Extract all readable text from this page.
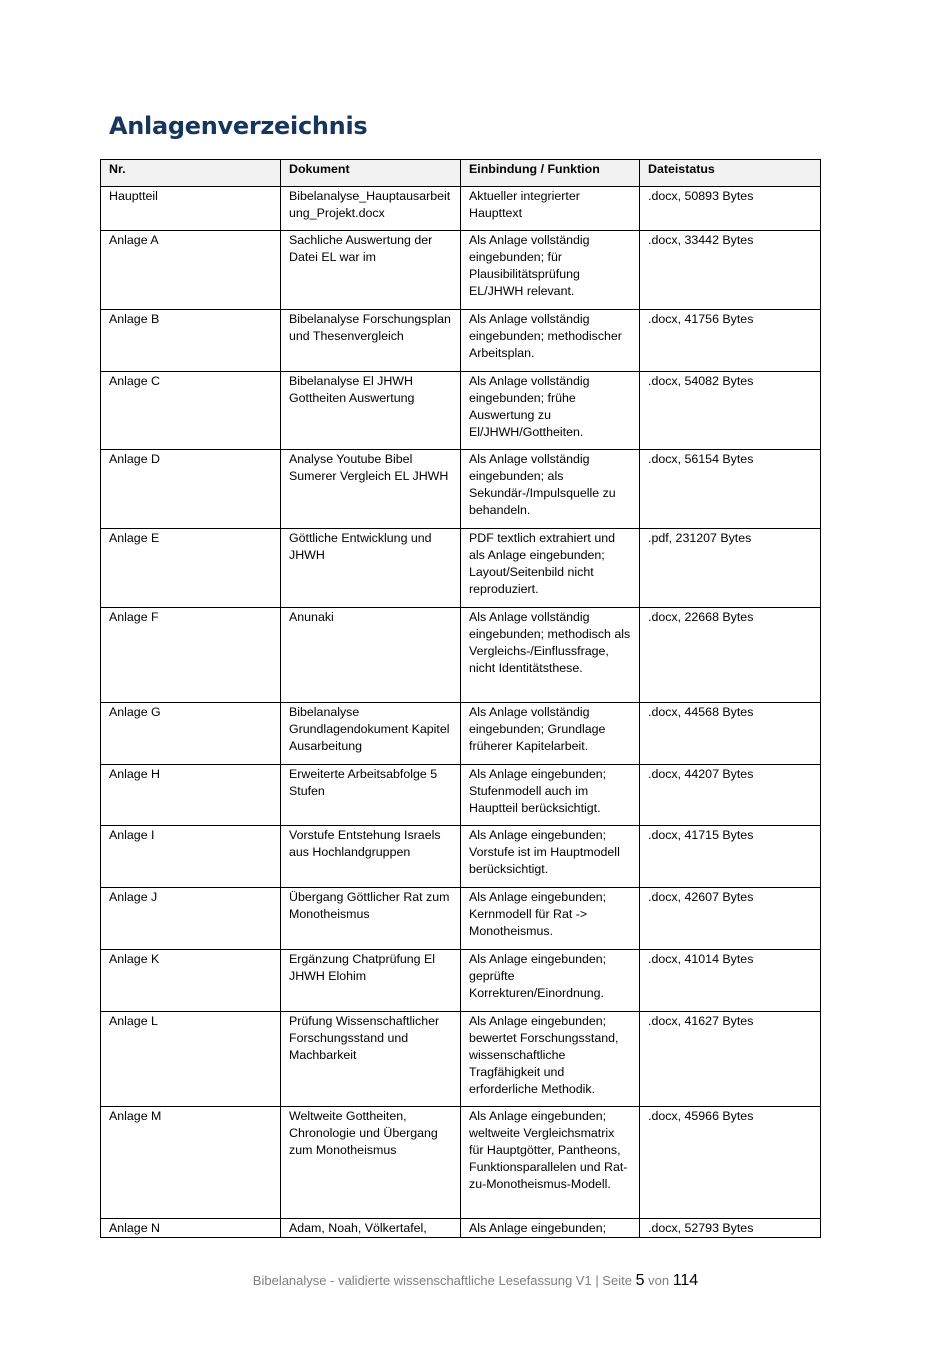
Anlagenverzeichnis
Nr.	Dokument	Einbindung / Funktion	Dateistatus
Hauptteil	Bibelanalyse_Hauptausarbeitung_Projekt.docx	Aktueller integrierter Haupttext	.docx, 50893 Bytes
Anlage A	Sachliche Auswertung der Datei EL war im	Als Anlage vollständig eingebunden; für Plausibilitätsprüfung EL/JHWH relevant.	.docx, 33442 Bytes
Anlage B	Bibelanalyse Forschungsplan und Thesenvergleich	Als Anlage vollständig eingebunden; methodischer Arbeitsplan.	.docx, 41756 Bytes
Anlage C	Bibelanalyse El JHWH Gottheiten Auswertung	Als Anlage vollständig eingebunden; frühe Auswertung zu El/JHWH/Gottheiten.	.docx, 54082 Bytes
Anlage D	Analyse Youtube Bibel Sumerer Vergleich EL JHWH	Als Anlage vollständig eingebunden; als Sekundär-/Impulsquelle zu behandeln.	.docx, 56154 Bytes
Anlage E	Göttliche Entwicklung und JHWH	PDF textlich extrahiert und als Anlage eingebunden; Layout/Seitenbild nicht reproduziert.	.pdf, 231207 Bytes
Anlage F	Anunaki	Als Anlage vollständig eingebunden; methodisch als Vergleichs-/Einflussfrage, nicht Identitätsthese.	.docx, 22668 Bytes
Anlage G	Bibelanalyse Grundlagendokument Kapitel Ausarbeitung	Als Anlage vollständig eingebunden; Grundlage früherer Kapitelarbeit.	.docx, 44568 Bytes
Anlage H	Erweiterte Arbeitsabfolge 5 Stufen	Als Anlage eingebunden; Stufenmodell auch im Hauptteil berücksichtigt.	.docx, 44207 Bytes
Anlage I	Vorstufe Entstehung Israels aus Hochlandgruppen	Als Anlage eingebunden; Vorstufe ist im Hauptmodell berücksichtigt.	.docx, 41715 Bytes
Anlage J	Übergang Göttlicher Rat zum Monotheismus	Als Anlage eingebunden; Kernmodell für Rat -> Monotheismus.	.docx, 42607 Bytes
Anlage K	Ergänzung Chatprüfung El JHWH Elohim	Als Anlage eingebunden; geprüfte Korrekturen/Einordnung.	.docx, 41014 Bytes
Anlage L	Prüfung Wissenschaftlicher Forschungsstand und Machbarkeit	Als Anlage eingebunden; bewertet Forschungsstand, wissenschaftliche Tragfähigkeit und erforderliche Methodik.	.docx, 41627 Bytes
Anlage M	Weltweite Gottheiten, Chronologie und Übergang zum Monotheismus	Als Anlage eingebunden; weltweite Vergleichsmatrix für Hauptgötter, Pantheons, Funktionsparallelen und Rat-zu-Monotheismus-Modell.	.docx, 45966 Bytes
Anlage N	Adam, Noah, Völkertafel,	Als Anlage eingebunden;	.docx, 52793 Bytes
Bibelanalyse - validierte wissenschaftliche Lesefassung V1 | Seite 5 von 114
